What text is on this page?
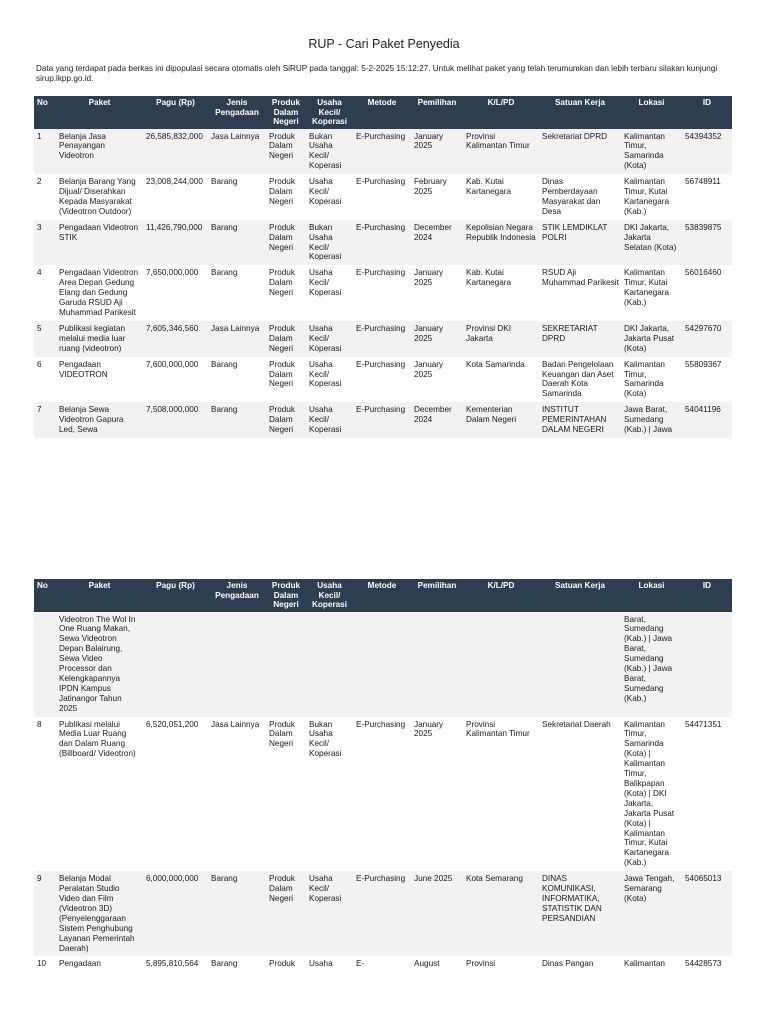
RUP - Cari Paket Penyedia
Data yang terdapat pada berkas ini dipopulasi secara otomatis oleh SiRUP pada tanggal: 5-2-2025 15:12:27. Untuk melihat paket yang telah terumumkan dan lebih terbaru silakan kunjungi sirup.lkpp.go.id.
No	Paket	Pagu (Rp)	Jenis Pengadaan	Produk Dalam Negeri	Usaha Kecil/ Koperasi	Metode	Pemilihan	K/L/PD	Satuan Kerja	Lokasi	ID
1	Belanja Jasa Penayangan Videotron	26,585,832,000	Jasa Lainnya	Produk Dalam Negeri	Bukan Usaha Kecil/ Koperasi	E-Purchasing	January 2025	Provinsi Kalimantan Timur	Sekretariat DPRD	Kalimantan Timur, Samarinda (Kota)	54394352
2	Belanja Barang Yang Dijual/ Diserahkan Kepada Masyarakat (Videotron Outdoor)	23,008,244,000	Barang	Produk Dalam Negeri	Usaha Kecil/ Koperasi	E-Purchasing	February 2025	Kab. Kutai Kartanegara	Dinas Pemberdayaan Masyarakat dan Desa	Kalimantan Timur, Kutai Kartanegara (Kab.)	56748911
3	Pengadaan Videotron STIK	11,426,790,000	Barang	Produk Dalam Negeri	Bukan Usaha Kecil/ Koperasi	E-Purchasing	December 2024	Kepolisian Negara Republik Indonesia	STIK LEMDIKLAT POLRI	DKI Jakarta, Jakarta Selatan (Kota)	53839875
4	Pengadaan Videotron Area Depan Gedung Elang dan Gedung Garuda RSUD Aji Muhammad Parikesit	7,650,000,000	Barang	Produk Dalam Negeri	Usaha Kecil/ Koperasi	E-Purchasing	January 2025	Kab. Kutai Kartanegara	RSUD Aji Muhammad Parikesit	Kalimantan Timur, Kutai Kartanegara (Kab.)	56016460
5	Publikasi kegiatan melalui media luar ruang (videotron)	7,605,346,560	Jasa Lainnya	Produk Dalam Negeri	Usaha Kecil/ Koperasi	E-Purchasing	January 2025	Provinsi DKI Jakarta	SEKRETARIAT DPRD	DKI Jakarta, Jakarta Pusat (Kota)	54297670
6	Pengadaan VIDEOTRON	7,600,000,000	Barang	Produk Dalam Negeri	Usaha Kecil/ Koperasi	E-Purchasing	January 2025	Kota Samarinda	Badan Pengelolaan Keuangan dan Aset Daerah Kota Samarinda	Kalimantan Timur, Samarinda (Kota)	55809367
7	Belanja Sewa Videotron Gapura Led, Sewa	7,508,000,000	Barang	Produk Dalam Negeri	Usaha Kecil/ Koperasi	E-Purchasing	December 2024	Kementerian Dalam Negeri	INSTITUT PEMERINTAHAN DALAM NEGERI	Jawa Barat, Sumedang (Kab.) | Jawa	54041196
No	Paket	Pagu (Rp)	Jenis Pengadaan	Produk Dalam Negeri	Usaha Kecil/ Koperasi	Metode	Pemilihan	K/L/PD	Satuan Kerja	Lokasi	ID
	Videotron The Wol In One Ruang Makan, Sewa Videotron Depan Balairung, Sewa Video Processor dan Kelengkapannya IPDN Kampus Jatinangor Tahun 2025									Barat, Sumedang (Kab.) | Jawa Barat, Sumedang (Kab.) | Jawa Barat, Sumedang (Kab.)	
8	Publikasi melalui Media Luar Ruang dan Dalam Ruang (Billboard/ Videotron)	6,520,051,200	Jasa Lainnya	Produk Dalam Negeri	Bukan Usaha Kecil/ Koperasi	E-Purchasing	January 2025	Provinsi Kalimantan Timur	Sekretariat Daerah	Kalimantan Timur, Samarinda (Kota) | Kalimantan Timur, Balikpapan (Kota) | DKI Jakarta, Jakarta Pusat (Kota) | Kalimantan Timur, Kutai Kartanegara (Kab.)	54471351
9	Belanja Modal Peralatan Studio Video dan Film (Videotron 3D) (Penyelenggaraan Sistem Penghubung Layanan Pemerintah Daerah)	6,000,000,000	Barang	Produk Dalam Negeri	Usaha Kecil/ Koperasi	E-Purchasing	June 2025	Kota Semarang	DINAS KOMUNIKASI, INFORMATIKA, STATISTIK DAN PERSANDIAN	Jawa Tengah, Semarang (Kota)	54065013
10	Pengadaan	5,895,810,564	Barang	Produk	Usaha	E-	August	Provinsi	Dinas Pangan	Kalimantan	54428573
